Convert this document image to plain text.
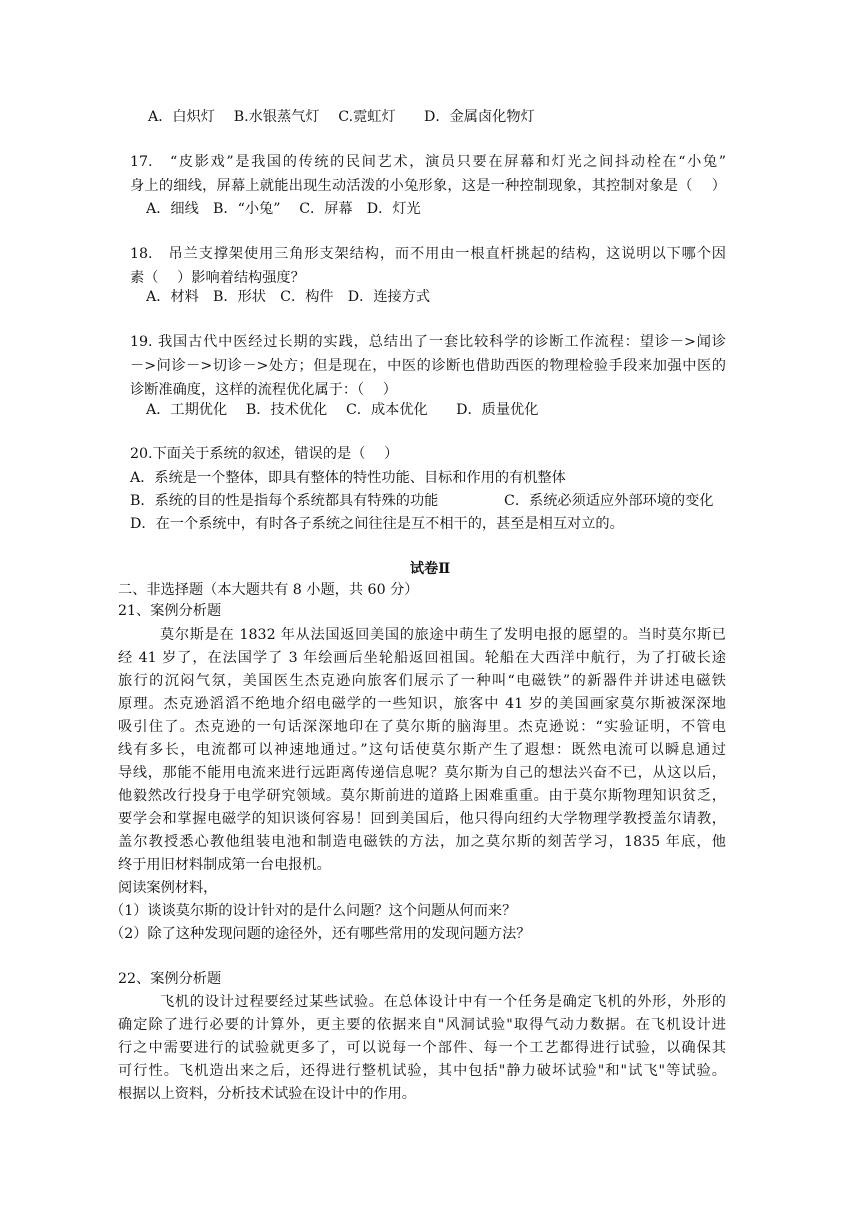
A．白炽灯　 B.水银蒸气灯　 C.霓虹灯　　D．金属卤化物灯
17.　“皮影戏”是我国的传统的民间艺术，演员只要在屏幕和灯光之间抖动栓在“小兔”
身上的细线，屏幕上就能出现生动活泼的小兔形象，这是一种控制现象，其控制对象是（　 ）
A．细线　B．“小兔”　 C．屏幕　D．灯光
18.　吊兰支撑架使用三角形支架结构，而不用由一根直杆挑起的结构，这说明以下哪个因
素（　 ）影响着结构强度？
A．材料　B．形状　C．构件　D．连接方式
19. 我国古代中医经过长期的实践，总结出了一套比较科学的诊断工作流程：望诊－>闻诊
－>问诊－>切诊－>处方；但是现在，中医的诊断也借助西医的物理检验手段来加强中医的
诊断准确度，这样的流程优化属于：（　 ）
A．工期优化　 B．技术优化　 C．成本优化　　D．质量优化
20.下面关于系统的叙述，错误的是（　 ）
A．系统是一个整体，即具有整体的特性功能、目标和作用的有机整体
B．系统的目的性是指每个系统都具有特殊的功能	C．系统必须适应外部环境的变化
D．在一个系统中，有时各子系统之间往往是互不相干的，甚至是相互对立的。
试卷Ⅱ
二、非选择题（本大题共有 8 小题，共 60 分）
21、案例分析题
莫尔斯是在 1832 年从法国返回美国的旅途中萌生了发明电报的愿望的。当时莫尔斯已
经 41 岁了，在法国学了 3 年绘画后坐轮船返回祖国。轮船在大西洋中航行，为了打破长途
旅行的沉闷气氛，美国医生杰克逊向旅客们展示了一种叫“电磁铁”的新器件并讲述电磁铁
原理。杰克逊滔滔不绝地介绍电磁学的一些知识，旅客中 41 岁的美国画家莫尔斯被深深地
吸引住了。杰克逊的一句话深深地印在了莫尔斯的脑海里。杰克逊说：“实验证明，不管电
线有多长，电流都可以神速地通过。”这句话使莫尔斯产生了遐想：既然电流可以瞬息通过
导线，那能不能用电流来进行远距离传递信息呢？莫尔斯为自己的想法兴奋不已，从这以后，
他毅然改行投身于电学研究领域。莫尔斯前进的道路上困难重重。由于莫尔斯物理知识贫乏，
要学会和掌握电磁学的知识谈何容易！回到美国后，他只得向纽约大学物理学教授盖尔请教，
盖尔教授悉心教他组装电池和制造电磁铁的方法，加之莫尔斯的刻苦学习，1835 年底，他
终于用旧材料制成第一台电报机。
阅读案例材料，
（1）谈谈莫尔斯的设计针对的是什么问题？这个问题从何而来？
（2）除了这种发现问题的途径外，还有哪些常用的发现问题方法？
22、案例分析题
飞机的设计过程要经过某些试验。在总体设计中有一个任务是确定飞机的外形，外形的
确定除了进行必要的计算外，更主要的依据来自"风洞试验"取得气动力数据。在飞机设计进
行之中需要进行的试验就更多了，可以说每一个部件、每一个工艺都得进行试验，以确保其
可行性。飞机造出来之后，还得进行整机试验，其中包括"静力破坏试验"和"试飞"等试验。
根据以上资料，分析技术试验在设计中的作用。
